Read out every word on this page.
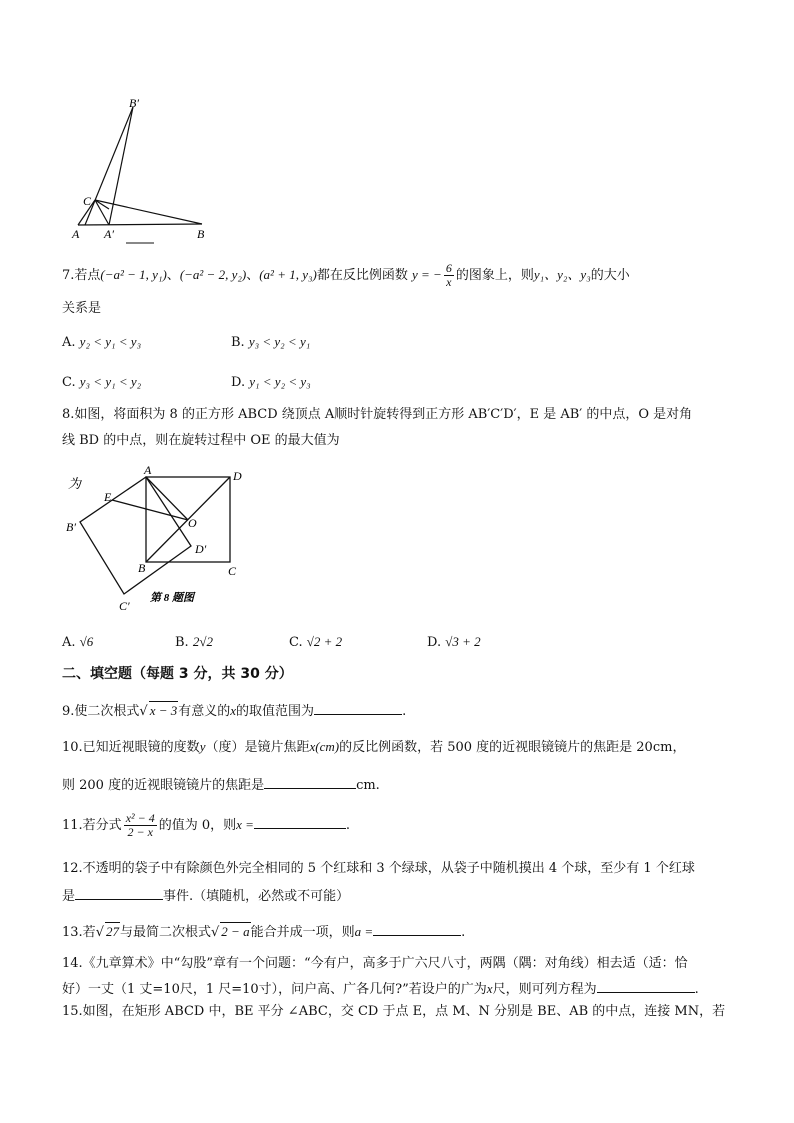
B′
C
A A′	B
7.若点(−a² − 1, y₁)、(−a² − 2, y₂)、(a² + 1, y₃)都在反比例函数 y = − $\frac{6}{x}$ 的图象上，则y₁、y₂、y₃的大小
关系是
A. y₂ < y₁ < y₃	B. y₃ < y₂ < y₁
C. y₃ < y₁ < y₂	D. y₁ < y₂ < y₃
8.如图，将面积为 8 的正方形 ABCD 绕顶点 A顺时针旋转得到正方形 AB′C′D′，E 是 AB′ 的中点，O 是对角
线 BD 的中点，则在旋转过程中 OE 的最大值为
为
A	D
E
B′	O
D′
B	C
C′
第 8 题图
A. √6	B. 2√2	C. √2 + 2	D. √3 + 2
二、填空题（每题 3 分，共 30 分）
9.使二次根式√ x − 3有意义的x的取值范围为	.
10.已知近视眼镜的度数y（度）是镜片焦距x(cm)的反比例函数，若 500 度的近视眼镜镜片的焦距是 20cm，
则 200 度的近视眼镜镜片的焦距是	cm.
11.若分式 $\frac{\text{x² − 4}}{2 - x}$ 的值为 0，则x =	.
12.不透明的袋子中有除颜色外完全相同的 5 个红球和 3 个绿球，从袋子中随机摸出 4 个球，至少有 1 个红球
是	事件.（填随机，必然或不可能）
13.若√ 27与最简二次根式√ 2 − a能合并成一项，则a =	.
14.《九章算术》中“勾股”章有一个问题：“今有户，高多于广六尺八寸，两隅（隅：对角线）相去适（适：恰
好）一丈（1 丈=10尺，1 尺=10寸），问户高、广各几何?”若设户的广为x尺，则可列方程为	.
15.如图，在矩形 ABCD 中，BE 平分 ∠ABC，交 CD 于点 E，点 M、N 分别是 BE、AB 的中点，连接 MN，若
